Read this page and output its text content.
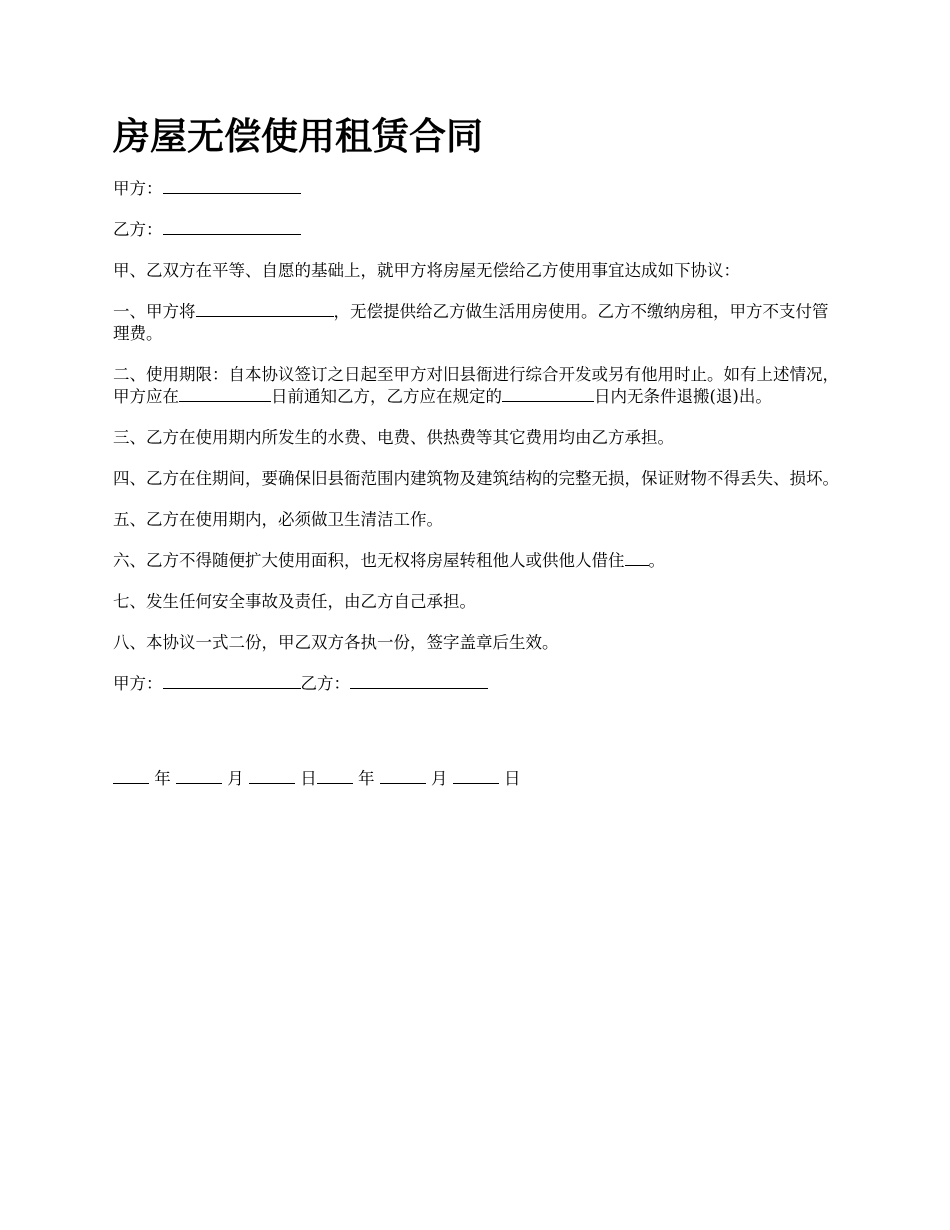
房屋无偿使用租赁合同

甲方：

乙方：

甲、乙双方在平等、自愿的基础上，就甲方将房屋无偿给乙方使用事宜达成如下协议：

一、甲方将	，无偿提供给乙方做生活用房使用。乙方不缴纳房租，甲方不支付管理费。

二、使用期限：自本协议签订之日起至甲方对旧县衙进行综合开发或另有他用时止。如有上述情况，甲方应在	日前通知乙方，乙方应在规定的	日内无条件退搬(退)出。

三、乙方在使用期内所发生的水费、电费、供热费等其它费用均由乙方承担。

四、乙方在住期间，要确保旧县衙范围内建筑物及建筑结构的完整无损，保证财物不得丢失、损坏。

五、乙方在使用期内，必须做卫生清洁工作。

六、乙方不得随便扩大使用面积，也无权将房屋转租他人或供他人借住 。

七、发生任何安全事故及责任，由乙方自己承担。

八、本协议一式二份，甲乙双方各执一份，签字盖章后生效。

甲方：	乙方：

年	月	日	年	月	日
